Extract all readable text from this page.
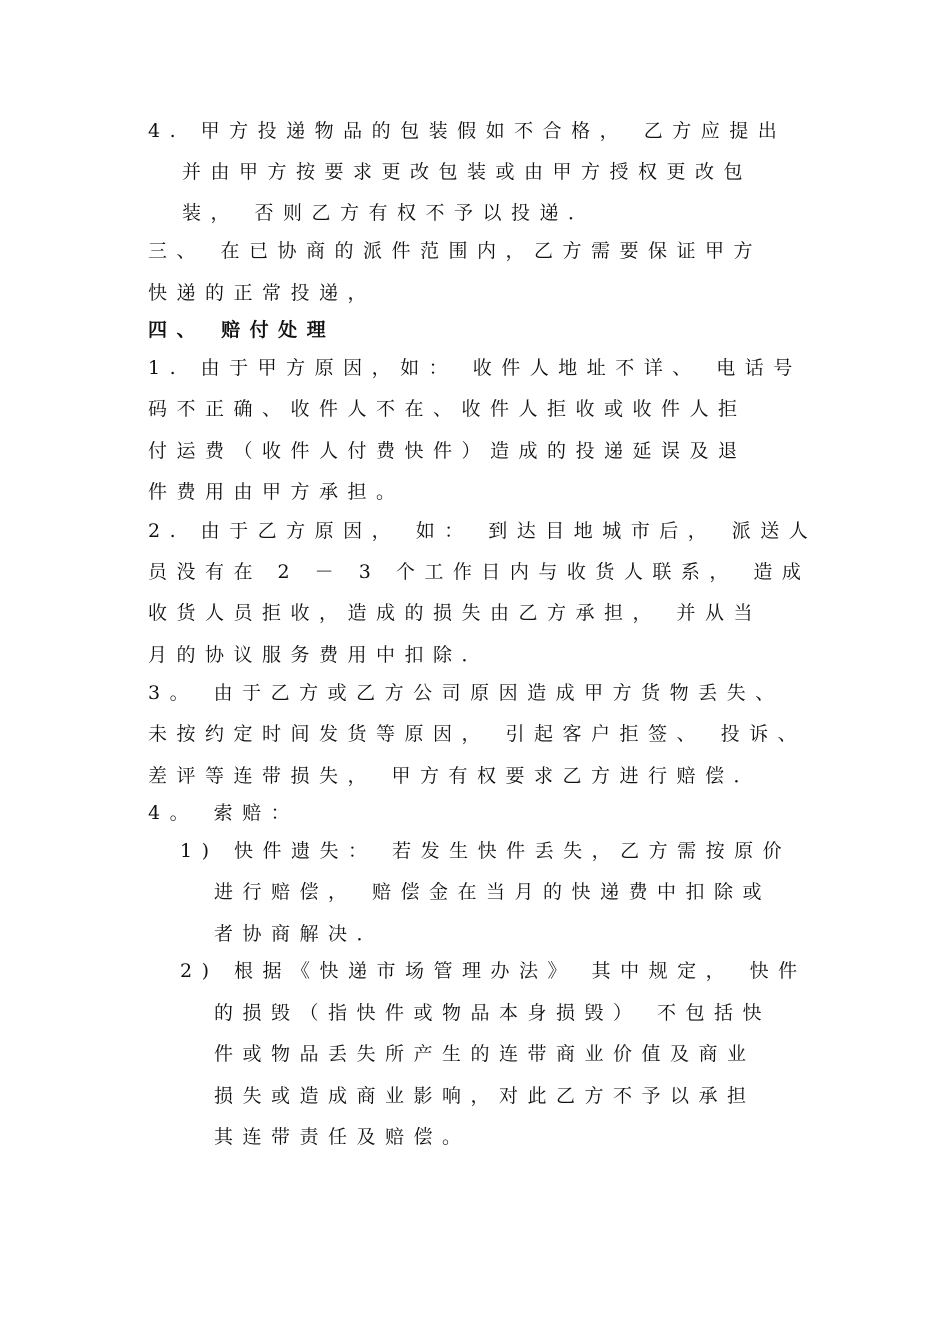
4. 甲方投递物品的包装假如不合格， 乙方应提出

并由甲方按要求更改包装或由甲方授权更改包

装， 否则乙方有权不予以投递．

三、 在已协商的派件范围内，乙方需要保证甲方

快递的正常投递，

四、 赔付处理

1. 由于甲方原因，如： 收件人地址不详、 电话号

码不正确、收件人不在、收件人拒收或收件人拒

付运费（收件人付费快件）造成的投递延误及退

件费用由甲方承担。

2. 由于乙方原因， 如： 到达目地城市后， 派送人

员没有在 2 － 3 个工作日内与收货人联系， 造成

收货人员拒收，造成的损失由乙方承担， 并从当

月的协议服务费用中扣除．

3。 由于乙方或乙方公司原因造成甲方货物丢失、

未按约定时间发货等原因， 引起客户拒签、 投诉、

差评等连带损失， 甲方有权要求乙方进行赔偿．

4。 索赔：

1) 快件遗失： 若发生快件丢失，乙方需按原价

进行赔偿， 赔偿金在当月的快递费中扣除或

者协商解决．

2) 根据《快递市场管理办法》 其中规定， 快件

的损毁（指快件或物品本身损毁） 不包括快

件或物品丢失所产生的连带商业价值及商业

损失或造成商业影响，对此乙方不予以承担

其连带责任及赔偿。
